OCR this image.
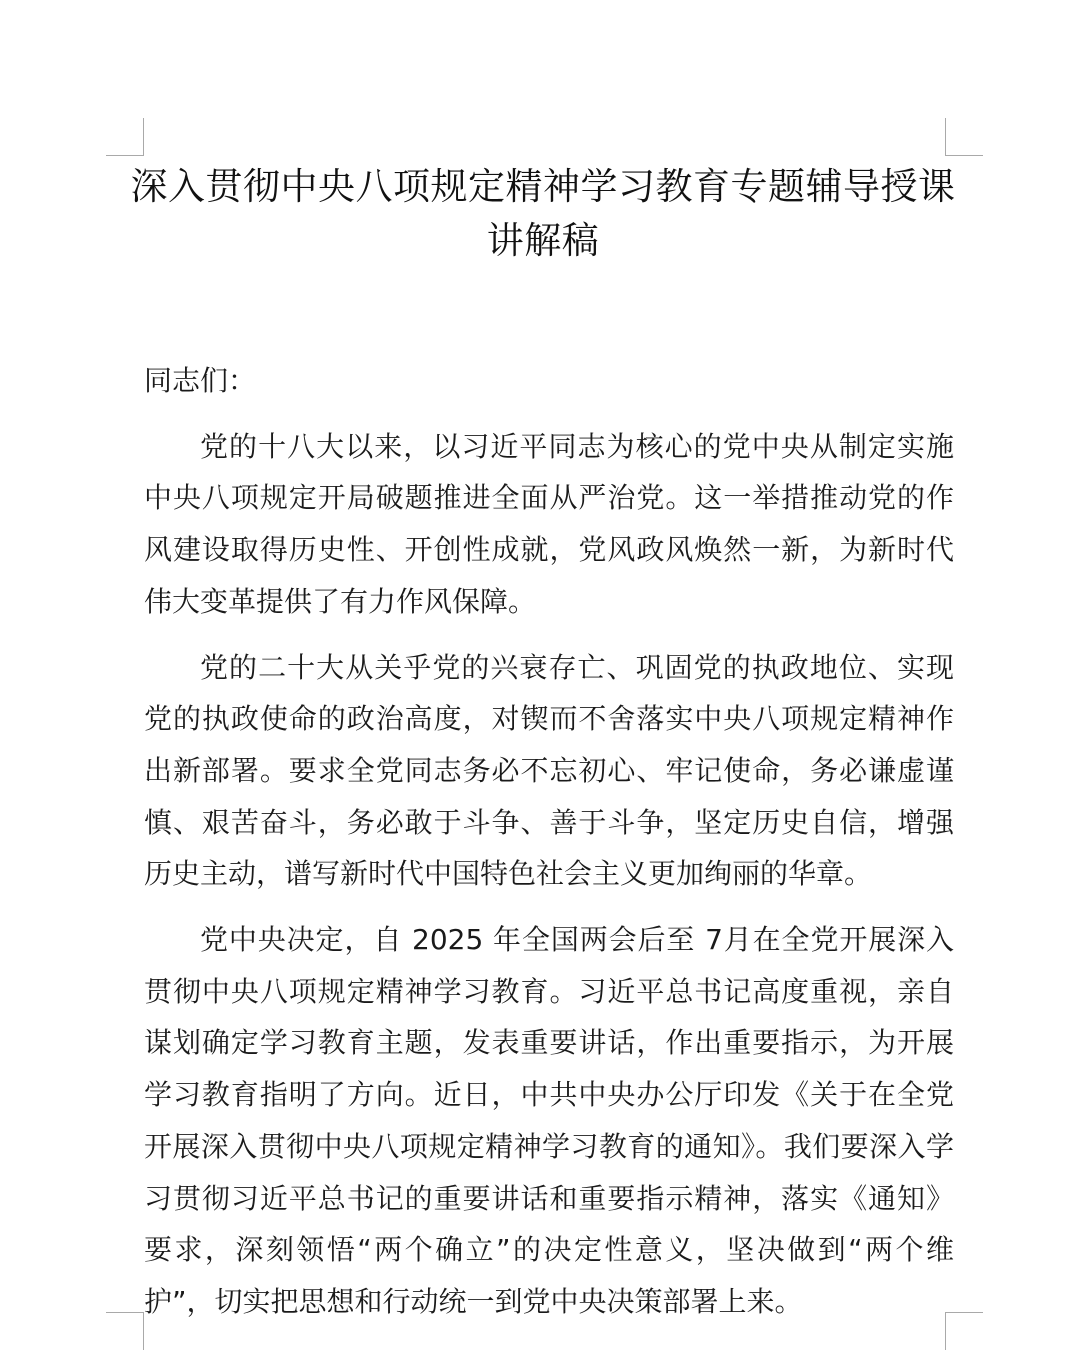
深入贯彻中央八项规定精神学习教育专题辅导授课讲解稿

同志们：

党的十八大以来，以习近平同志为核心的党中央从制定实施中央八项规定开局破题推进全面从严治党。这一举措推动党的作风建设取得历史性、开创性成就，党风政风焕然一新，为新时代伟大变革提供了有力作风保障。

党的二十大从关乎党的兴衰存亡、巩固党的执政地位、实现党的执政使命的政治高度，对锲而不舍落实中央八项规定精神作出新部署。要求全党同志务必不忘初心、牢记使命，务必谦虚谨慎、艰苦奋斗，务必敢于斗争、善于斗争，坚定历史自信，增强历史主动，谱写新时代中国特色社会主义更加绚丽的华章。

党中央决定，自 2025 年全国两会后至 7月在全党开展深入贯彻中央八项规定精神学习教育。习近平总书记高度重视，亲自谋划确定学习教育主题，发表重要讲话，作出重要指示，为开展学习教育指明了方向。近日，中共中央办公厅印发《关于在全党开展深入贯彻中央八项规定精神学习教育的通知》。我们要深入学习贯彻习近平总书记的重要讲话和重要指示精神，落实《通知》要求，深刻领悟“两个确立”的决定性意义，坚决做到“两个维护”，切实把思想和行动统一到党中央决策部署上来。
